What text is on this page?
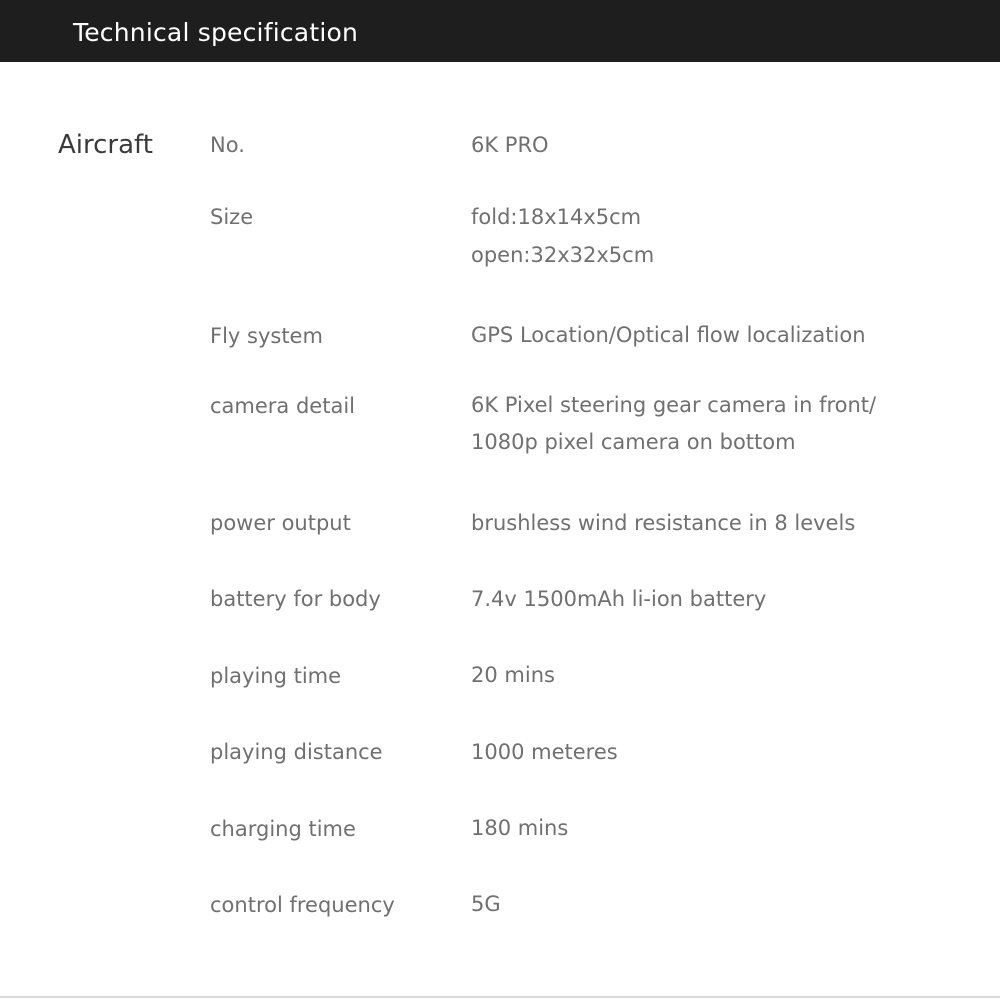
Technical specification
Aircraft	No.	6K PRO
Size	fold:18x14x5cm
open:32x32x5cm
Fly system	GPS Location/Optical flow localization
camera detail	6K Pixel steering gear camera in front/
1080p pixel camera on bottom
power output	brushless wind resistance in 8 levels
battery for body	7.4v 1500mAh li-ion battery
playing time	20 mins
playing distance	1000 meteres
charging time	180 mins
control frequency	5G
